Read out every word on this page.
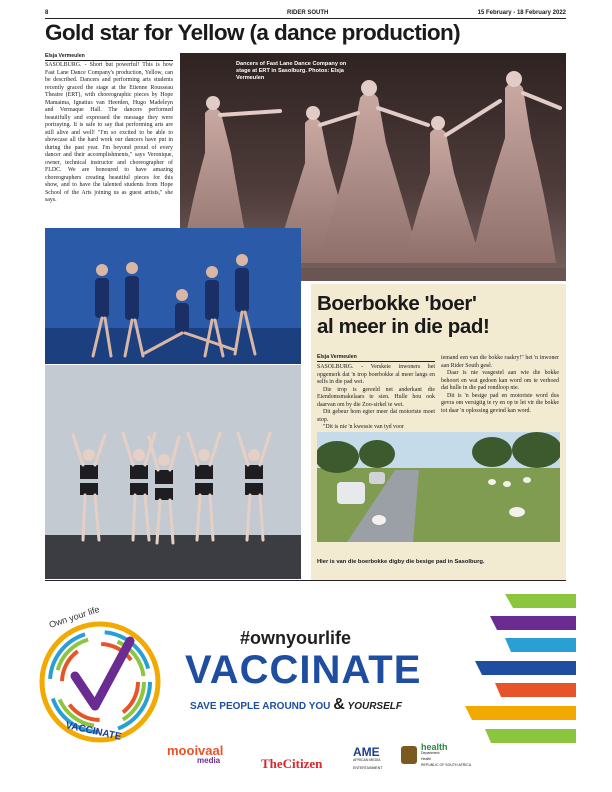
8	RIDER SOUTH	15 February - 18 February 2022
Gold star for Yellow (a dance production)
Elsja Vermeulen

SASOLBURG. - Short but powerful! This is how Fast Lane Dance Company's production, Yellow, can be described. Dancers and performing arts students recently graced the stage at the Etienne Rousseau Theatre (ERT), with choreographic pieces by Hope Mamaima, Ignatius van Heerden, Hugo Madeleyn and Vermaque Hall. The dancers performed beautifully and expressed the message they were portraying. It is safe to say that performing arts are still alive and well! "I'm so excited to be able to showcase all the hard work our dancers have put in during the past year. I'm beyond proud of every dancer and their accomplishments," says Veronique, owner, technical instructor and choreographer of FLDC. We are honoured to have amazing choreographers creating beautiful pieces for this show, and to have the talented students from Hope School of the Arts joining us as guest artists," she says.

Dancers of Fast Lane Dance Company on stage at ERT in Sasolburg. Photos: Elsja Vermeulen
Boerbokke 'boer'
al meer in die pad!
Elsja Vermeulen

SASOLBURG. - Verskeie inwoners het opgemerk dat 'n trop boerbokke al meer langs en selfs in die pad wei.

Die trop is gereeld net anderkant die Eiendomsmakelaars te sien. Hulle hou ook daarvan om by die Zoo-sirkel te wei.

Dit gebeur hom egter meer dat motoriste moet stop.

"Dit is nie 'n kwessie van tyd voor

iemand een van die bokke raakry!" het 'n inwoner aan Rider South gesê.

Daar is nie vasgestel aan wie die bokke behoort en wat gedoen kan word om te verhoed dat hulle in die pad rondloop nie.

Dit is 'n besige pad en motoriste word dus gevra om versigtig te ry en op te let vir die bokke tot daar 'n oplossing gevind kan word.

Hier is van die boerbokke digby die besige pad in Sasolburg.
Own your life
VACCINATE
#ownyourlife
VACCINATE
SAVE PEOPLE AROUND YOU & YOURSELF
mooivaal
media	TheCitizen
AME
AFRICAN MEDIA ENTERTAINMENT
health
Department:
Health
REPUBLIC OF SOUTH AFRICA
